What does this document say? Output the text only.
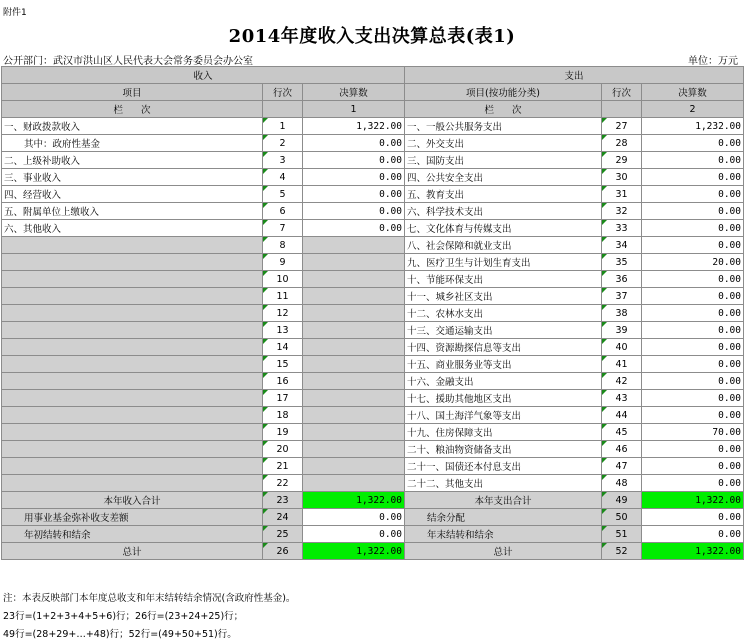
附件1
2014年度收入支出决算总表(表1)
公开部门：武汉市洪山区人民代表大会常务委员会办公室	单位：万元
收入			支出		
项目	行次	决算数	项目(按功能分类)	行次	决算数
栏      次		1	栏      次		2
一、财政拨款收入	1	1,322.00	一、一般公共服务支出	27	1,232.00
其中：政府性基金	2	0.00	二、外交支出	28	0.00
二、上级补助收入	3	0.00	三、国防支出	29	0.00
三、事业收入	4	0.00	四、公共安全支出	30	0.00
四、经营收入	5	0.00	五、教育支出	31	0.00
五、附属单位上缴收入	6	0.00	六、科学技术支出	32	0.00
六、其他收入	7	0.00	七、文化体育与传媒支出	33	0.00
	8		八、社会保障和就业支出	34	0.00
	9		九、医疗卫生与计划生育支出	35	20.00
	10		十、节能环保支出	36	0.00
	11		十一、城乡社区支出	37	0.00
	12		十二、农林水支出	38	0.00
	13		十三、交通运输支出	39	0.00
	14		十四、资源勘探信息等支出	40	0.00
	15		十五、商业服务业等支出	41	0.00
	16		十六、金融支出	42	0.00
	17		十七、援助其他地区支出	43	0.00
	18		十八、国土海洋气象等支出	44	0.00
	19		十九、住房保障支出	45	70.00
	20		二十、粮油物资储备支出	46	0.00
	21		二十一、国债还本付息支出	47	0.00
	22		二十二、其他支出	48	0.00
本年收入合计	23	1,322.00	本年支出合计	49	1,322.00
用事业基金弥补收支差额	24	0.00	结余分配	50	0.00
年初结转和结余	25	0.00	年末结转和结余	51	0.00
总计	26	1,322.00	总计	52	1,322.00
注：本表反映部门本年度总收支和年末结转结余情况(含政府性基金)。
23行=(1+2+3+4+5+6)行；26行=(23+24+25)行；
49行=(28+29+…+48)行；52行=(49+50+51)行。
